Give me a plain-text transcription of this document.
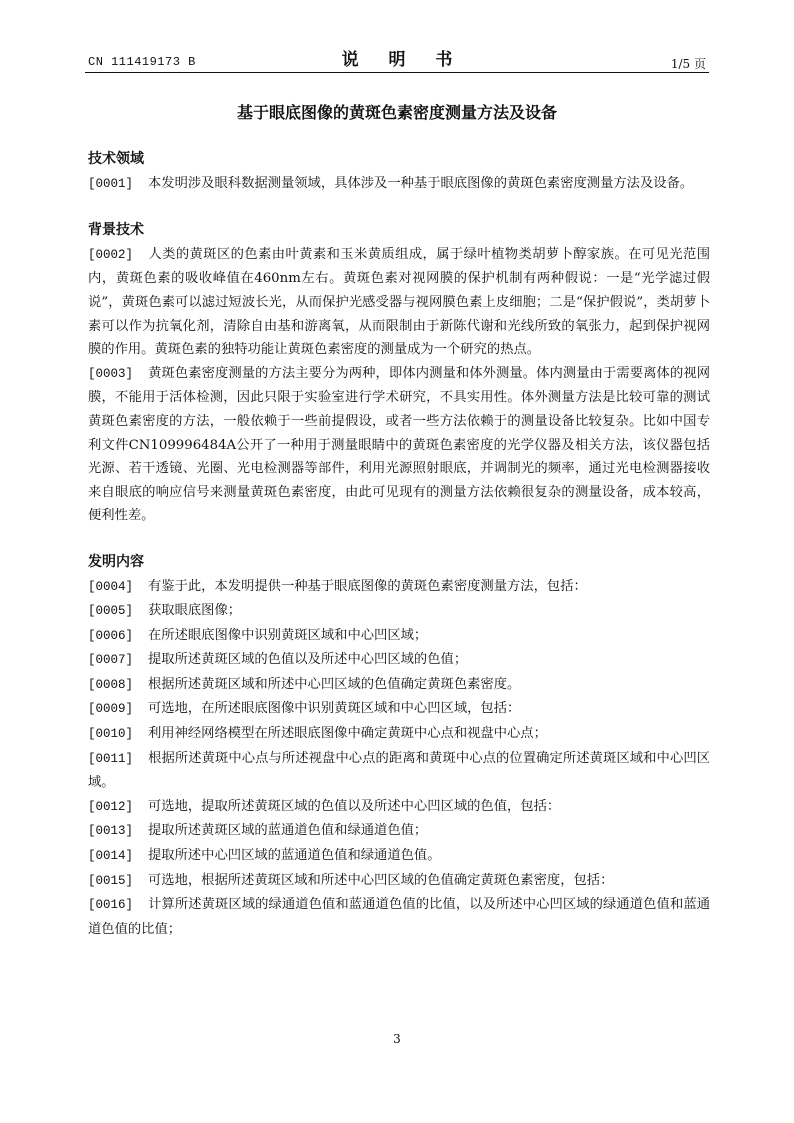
CN 111419173 B	说 明 书	1/5 页
基于眼底图像的黄斑色素密度测量方法及设备
技术领域

[0001] 本发明涉及眼科数据测量领域，具体涉及一种基于眼底图像的黄斑色素密度测量方法及设备。

背景技术

[0002] 人类的黄斑区的色素由叶黄素和玉米黄质组成，属于绿叶植物类胡萝卜醇家族。在可见光范围内，黄斑色素的吸收峰值在460nm左右。黄斑色素对视网膜的保护机制有两种假说：一是“光学滤过假说”，黄斑色素可以滤过短波长光，从而保护光感受器与视网膜色素上皮细胞；二是“保护假说”，类胡萝卜素可以作为抗氧化剂，清除自由基和游离氧，从而限制由于新陈代谢和光线所致的氧张力，起到保护视网膜的作用。黄斑色素的独特功能让黄斑色素密度的测量成为一个研究的热点。

[0003] 黄斑色素密度测量的方法主要分为两种，即体内测量和体外测量。体内测量由于需要离体的视网膜，不能用于活体检测，因此只限于实验室进行学术研究，不具实用性。体外测量方法是比较可靠的测试黄斑色素密度的方法，一般依赖于一些前提假设，或者一些方法依赖于的测量设备比较复杂。比如中国专利文件CN109996484A公开了一种用于测量眼睛中的黄斑色素密度的光学仪器及相关方法，该仪器包括光源、若干透镜、光圈、光电检测器等部件，利用光源照射眼底，并调制光的频率，通过光电检测器接收来自眼底的响应信号来测量黄斑色素密度，由此可见现有的测量方法依赖很复杂的测量设备，成本较高，便利性差。

发明内容

[0004] 有鉴于此，本发明提供一种基于眼底图像的黄斑色素密度测量方法，包括：

[0005] 获取眼底图像；

[0006] 在所述眼底图像中识别黄斑区域和中心凹区域；

[0007] 提取所述黄斑区域的色值以及所述中心凹区域的色值；

[0008] 根据所述黄斑区域和所述中心凹区域的色值确定黄斑色素密度。

[0009] 可选地，在所述眼底图像中识别黄斑区域和中心凹区域，包括：

[0010] 利用神经网络模型在所述眼底图像中确定黄斑中心点和视盘中心点；

[0011] 根据所述黄斑中心点与所述视盘中心点的距离和黄斑中心点的位置确定所述黄斑区域和中心凹区域。

[0012] 可选地，提取所述黄斑区域的色值以及所述中心凹区域的色值，包括：

[0013] 提取所述黄斑区域的蓝通道色值和绿通道色值；

[0014] 提取所述中心凹区域的蓝通道色值和绿通道色值。

[0015] 可选地，根据所述黄斑区域和所述中心凹区域的色值确定黄斑色素密度，包括：

[0016] 计算所述黄斑区域的绿通道色值和蓝通道色值的比值，以及所述中心凹区域的绿通道色值和蓝通道色值的比值；

3
